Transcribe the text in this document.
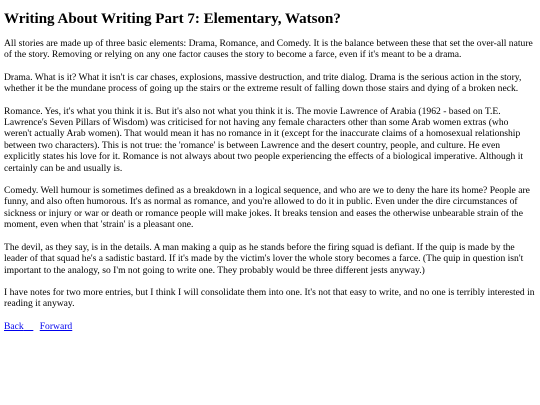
Writing About Writing Part 7: Elementary, Watson?

All stories are made up of three basic elements: Drama, Romance, and Comedy. It is the balance between these that set the over-all nature of the story. Removing or relying on any one factor causes the story to become a farce, even if it's meant to be a drama.

Drama. What is it? What it isn't is car chases, explosions, massive destruction, and trite dialog. Drama is the serious action in the story, whether it be the mundane process of going up the stairs or the extreme result of falling down those stairs and dying of a broken neck.

Romance. Yes, it's what you think it is. But it's also not what you think it is. The movie Lawrence of Arabia (1962 - based on T.E. Lawrence's Seven Pillars of Wisdom) was criticised for not having any female characters other than some Arab women extras (who weren't actually Arab women). That would mean it has no romance in it (except for the inaccurate claims of a homosexual relationship between two characters). This is not true: the 'romance' is between Lawrence and the desert country, people, and culture. He even explicitly states his love for it. Romance is not always about two people experiencing the effects of a biological imperative. Although it certainly can be and usually is.

Comedy. Well humour is sometimes defined as a breakdown in a logical sequence, and who are we to deny the hare its home? People are funny, and also often humorous. It's as normal as romance, and you're allowed to do it in public. Even under the dire circumstances of sickness or injury or war or death or romance people will make jokes. It breaks tension and eases the otherwise unbearable strain of the moment, even when that 'strain' is a pleasant one.

The devil, as they say, is in the details. A man making a quip as he stands before the firing squad is defiant. If the quip is made by the leader of that squad he's a sadistic bastard. If it's made by the victim's lover the whole story becomes a farce. (The quip in question isn't important to the analogy, so I'm not going to write one. They probably would be three different jests anyway.)

I have notes for two more entries, but I think I will consolidate them into one. It's not that easy to write, and no one is terribly interested in reading it anyway.

Back Forward
